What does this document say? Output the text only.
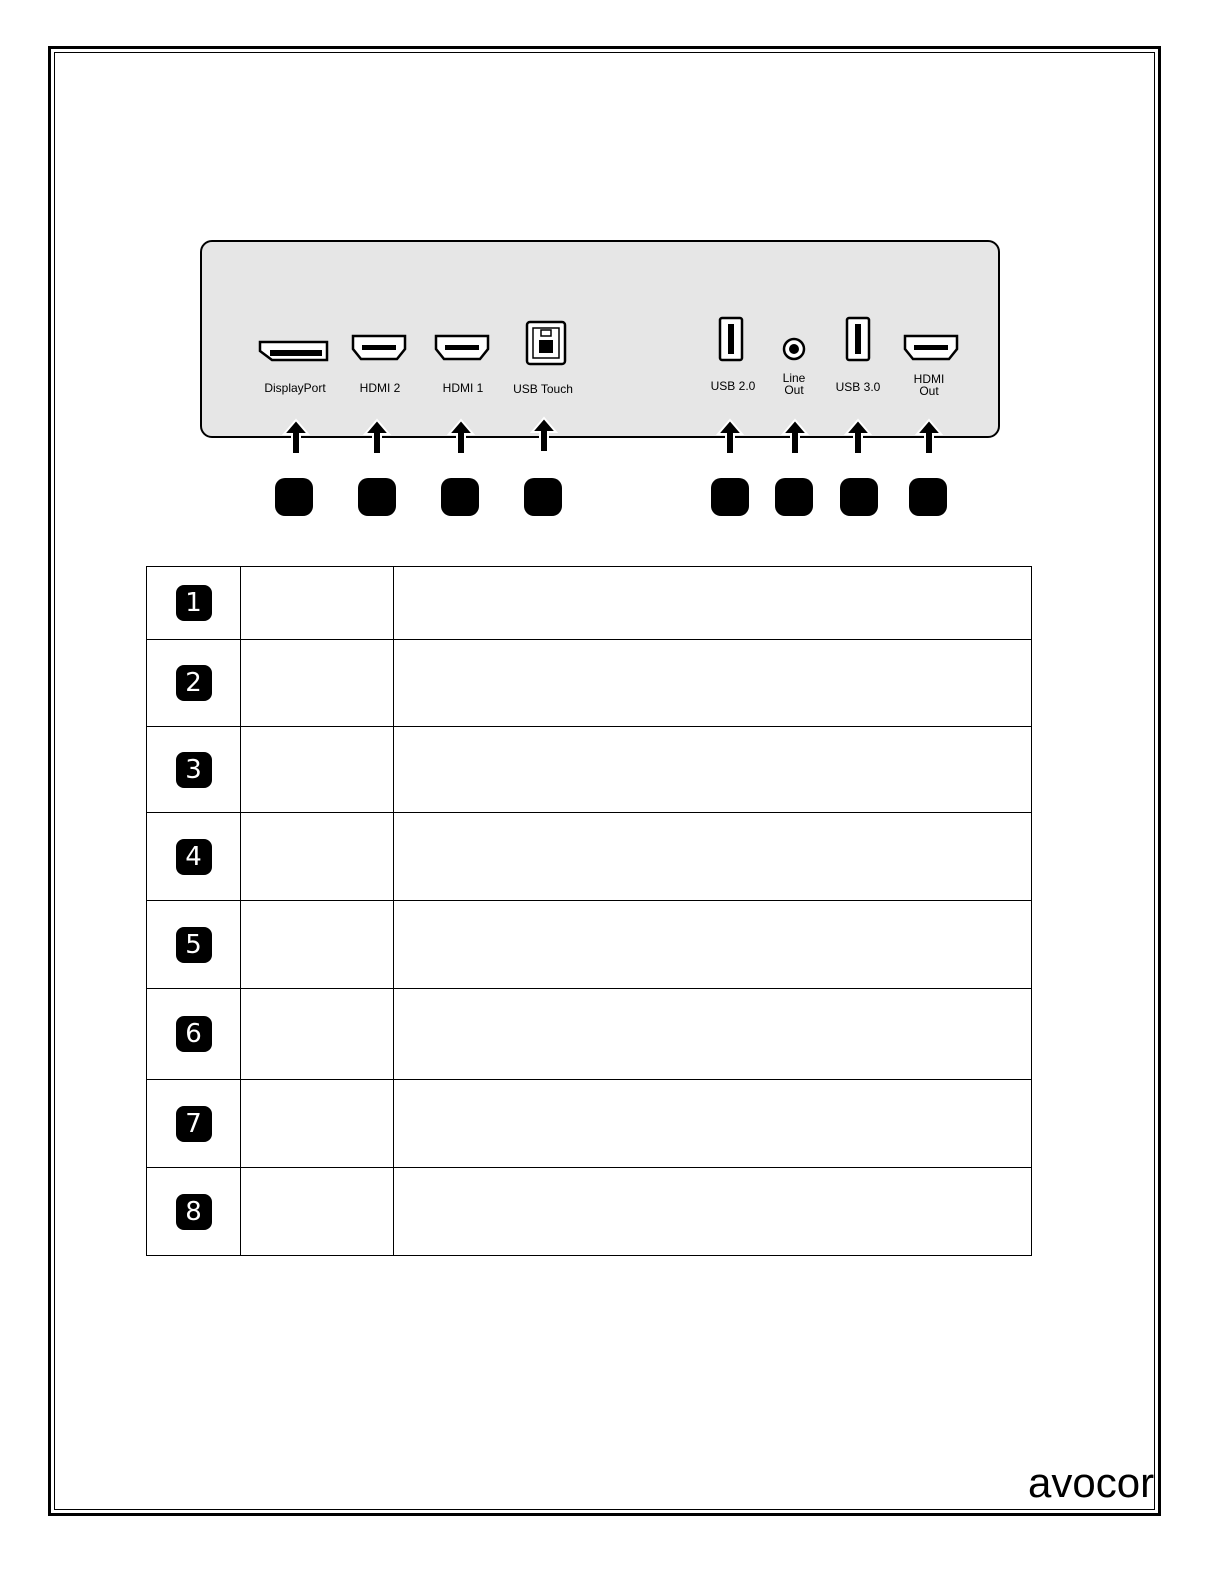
DisplayPort	HDMI 2	HDMI 1	USB Touch	USB 2.0
Line
Out	USB 3.0
HDMI
Out
1		
2		
3		
4		
5		
6		
7		
8		
avocor
